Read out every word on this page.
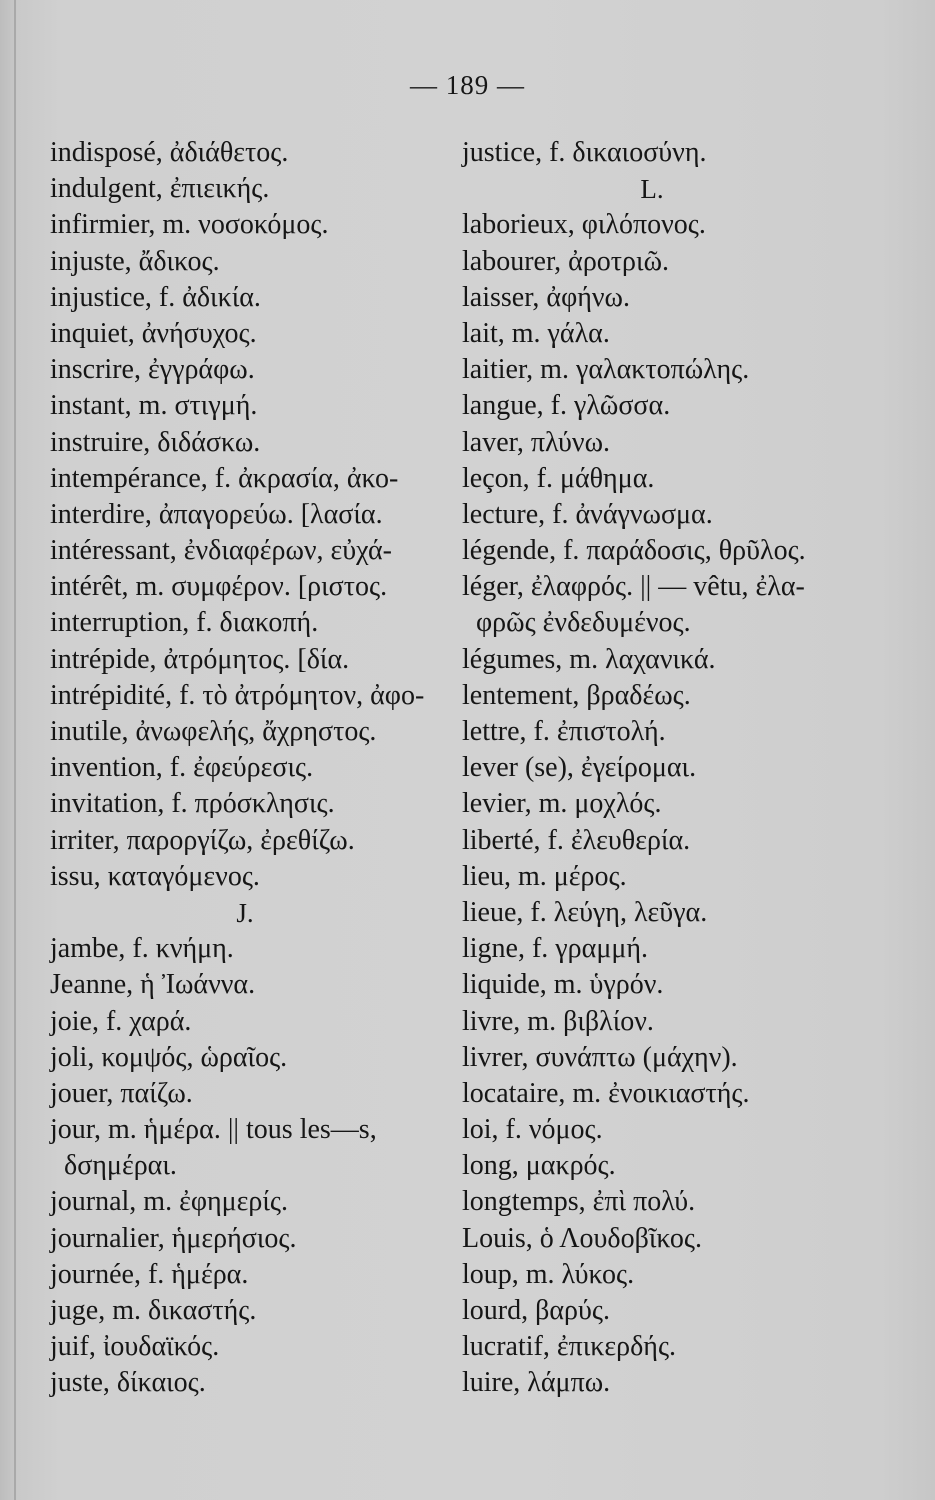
— 189 —
indisposé, ἀδιάθετος.
indulgent, ἐπιεικής.
infirmier, m. νοσοκόμος.
injuste, ἄδικος.
injustice, f. ἀδικία.
inquiet, ἀνήσυχος.
inscrire, ἐγγράφω.
instant, m. στιγμή.
instruire, διδάσκω.
intempérance, f. ἀκρασία, ἀκο-
interdire, ἀπαγορεύω. [λασία.
intéressant, ἐνδιαφέρων, εὐχά-
intérêt, m. συμφέρον. [ριστος.
interruption, f. διακοπή.
intrépide, ἀτρόμητος. [δία.
intrépidité, f. τὸ ἀτρόμητον, ἀφο-
inutile, ἀνωφελής, ἄχρηστος.
invention, f. ἐφεύρεσις.
invitation, f. πρόσκλησις.
irriter, παροργίζω, ἐρεθίζω.
issu, καταγόμενος.
J.
jambe, f. κνήμη.
Jeanne, ἡ Ἰωάννα.
joie, f. χαρά.
joli, κομψός, ὡραῖος.
jouer, παίζω.
jour, m. ἡμέρα. || tous les—s,
δσημέραι.
journal, m. ἐφημερίς.
journalier, ἡμερήσιος.
journée, f. ἡμέρα.
juge, m. δικαστής.
juif, ἰουδαϊκός.
juste, δίκαιος.
justice, f. δικαιοσύνη.
L.
laborieux, φιλόπονος.
labourer, ἀροτριῶ.
laisser, ἀφήνω.
lait, m. γάλα.
laitier, m. γαλακτοπώλης.
langue, f. γλῶσσα.
laver, πλύνω.
leçon, f. μάθημα.
lecture, f. ἀνάγνωσμα.
légende, f. παράδοσις, θρῦλος.
léger, ἐλαφρός. || — vêtu, ἐλα-
φρῶς ἐνδεδυμένος.
légumes, m. λαχανικά.
lentement, βραδέως.
lettre, f. ἐπιστολή.
lever (se), ἐγείρομαι.
levier, m. μοχλός.
liberté, f. ἐλευθερία.
lieu, m. μέρος.
lieue, f. λεύγη, λεῦγα.
ligne, f. γραμμή.
liquide, m. ὑγρόν.
livre, m. βιβλίον.
livrer, συνάπτω (μάχην).
locataire, m. ἐνοικιαστής.
loi, f. νόμος.
long, μακρός.
longtemps, ἐπὶ πολύ.
Louis, ὁ Λουδοβῖκος.
loup, m. λύκος.
lourd, βαρύς.
lucratif, ἐπικερδής.
luire, λάμπω.
